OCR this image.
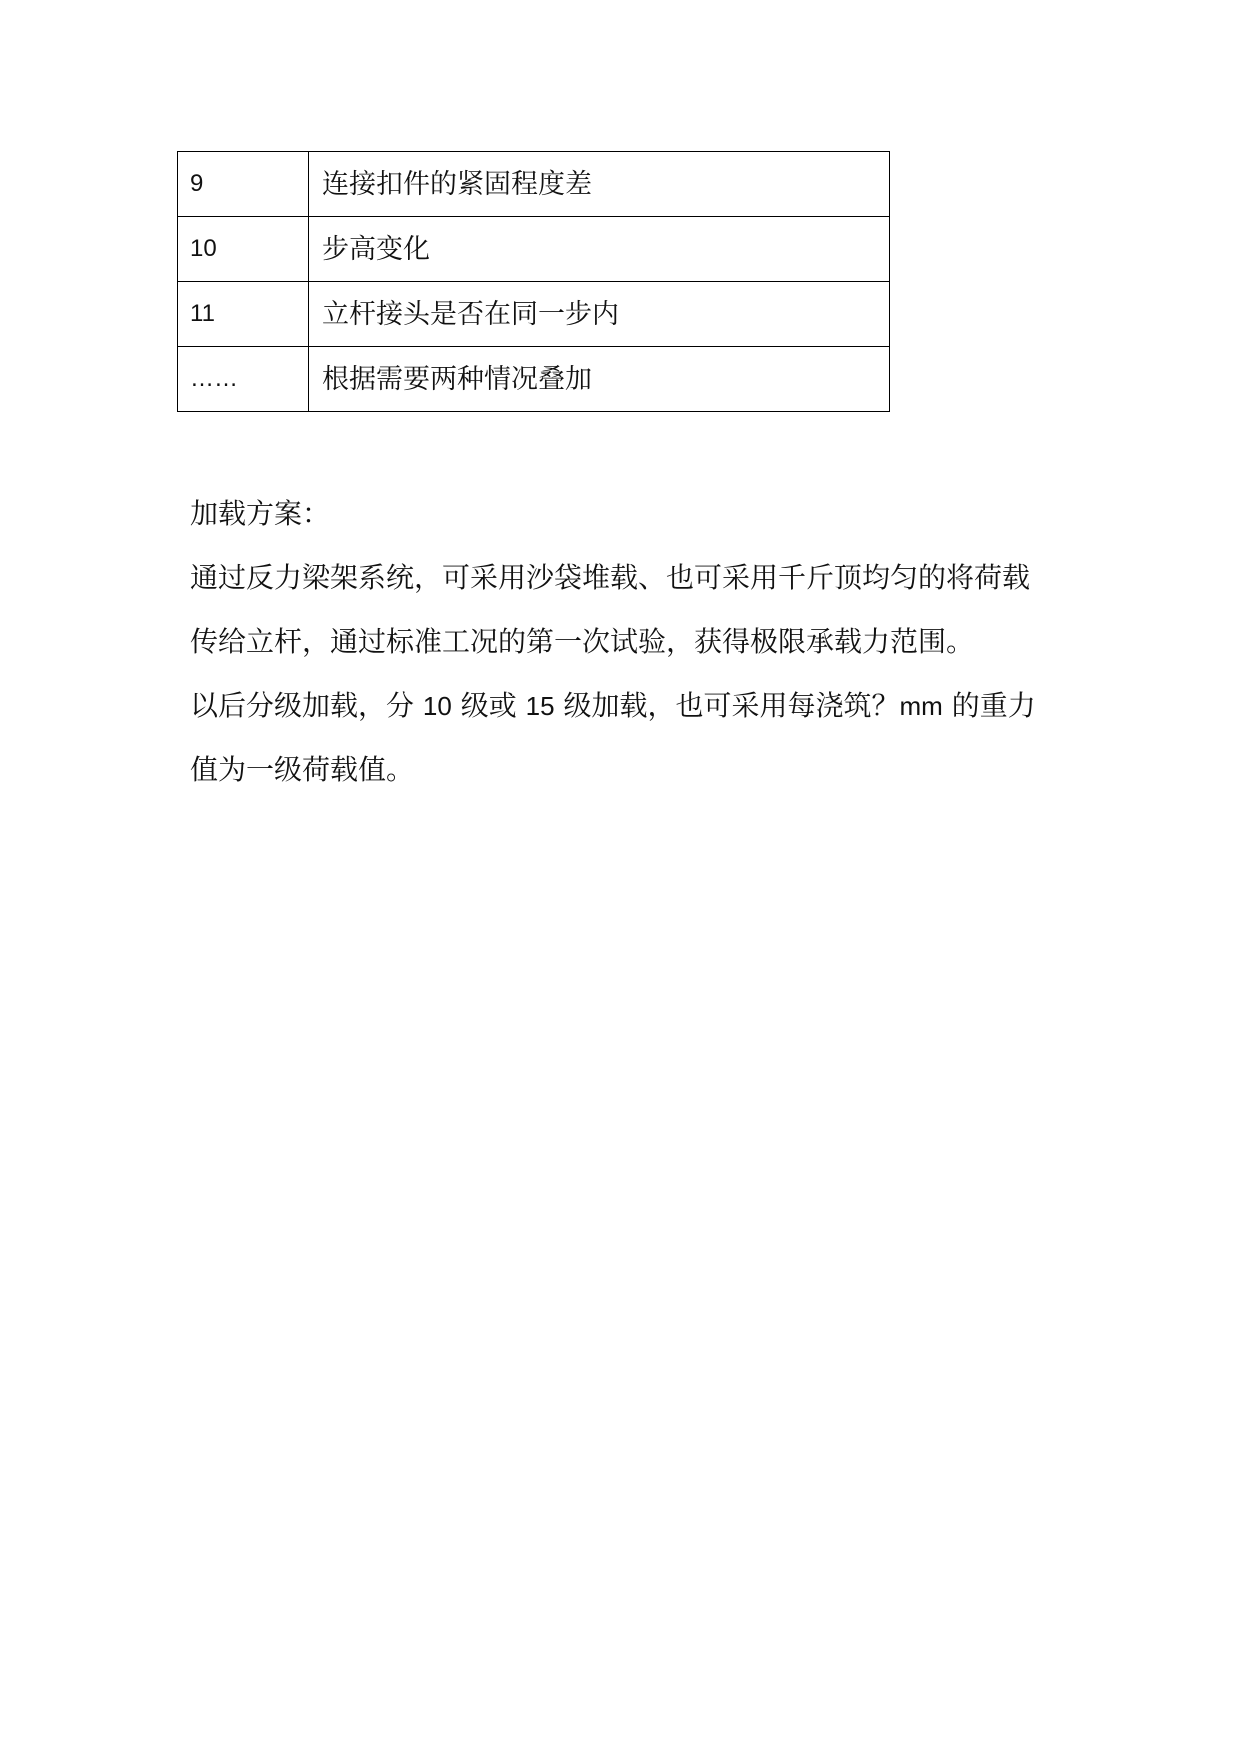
9	连接扣件的紧固程度差
10	步高变化
11	立杆接头是否在同一步内
……	根据需要两种情况叠加
加载方案：
通过反力梁架系统，可采用沙袋堆载、也可采用千斤顶均匀的将荷载
传给立杆，通过标准工况的第一次试验，获得极限承载力范围。
以后分级加载，分 10 级或 15 级加载，也可采用每浇筑？mm 的重力
值为一级荷载值。
